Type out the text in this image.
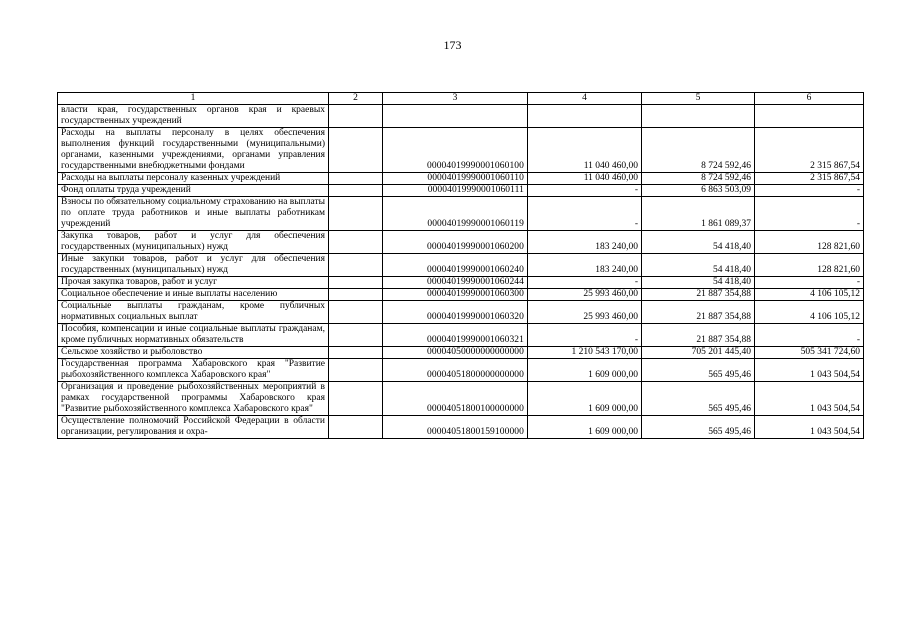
173
1	2	3	4	5	6
власти края, государственных органов края и краевых государственных учреждений					
Расходы на выплаты персоналу в целях обеспечения выполнения функций государственными (муниципальными) органами, казенными учреждениями, органами управления государственными внебюджетными фондами		00004019990001060100	11 040 460,00	8 724 592,46	2 315 867,54
Расходы на выплаты персоналу казенных учреждений		00004019990001060110	11 040 460,00	8 724 592,46	2 315 867,54
Фонд оплаты труда учреждений		00004019990001060111	-	6 863 503,09	-
Взносы по обязательному социальному страхованию на выплаты по оплате труда работников и иные выплаты работникам учреждений		00004019990001060119	-	1 861 089,37	-
Закупка товаров, работ и услуг для обеспечения государственных (муниципальных) нужд		00004019990001060200	183 240,00	54 418,40	128 821,60
Иные закупки товаров, работ и услуг для обеспечения государственных (муниципальных) нужд		00004019990001060240	183 240,00	54 418,40	128 821,60
Прочая закупка товаров, работ и услуг		00004019990001060244	-	54 418,40	-
Социальное обеспечение и иные выплаты населению		00004019990001060300	25 993 460,00	21 887 354,88	4 106 105,12
Социальные выплаты гражданам, кроме публичных нормативных социальных выплат		00004019990001060320	25 993 460,00	21 887 354,88	4 106 105,12
Пособия, компенсации и иные социальные выплаты гражданам, кроме публичных нормативных обязательств		00004019990001060321	-	21 887 354,88	-
Сельское хозяйство и рыболовство		00004050000000000000	1 210 543 170,00	705 201 445,40	505 341 724,60
Государственная программа Хабаровского края "Развитие рыбохозяйственного комплекса Хабаровского края"		00004051800000000000	1 609 000,00	565 495,46	1 043 504,54
Организация и проведение рыбохозяйственных мероприятий в рамках государственной программы Хабаровского края "Развитие рыбохозяйственного комплекса Хабаровского края"		00004051800100000000	1 609 000,00	565 495,46	1 043 504,54
Осуществление полномочий Российской Федерации в области организации, регулирования и охра-		00004051800159100000	1 609 000,00	565 495,46	1 043 504,54
